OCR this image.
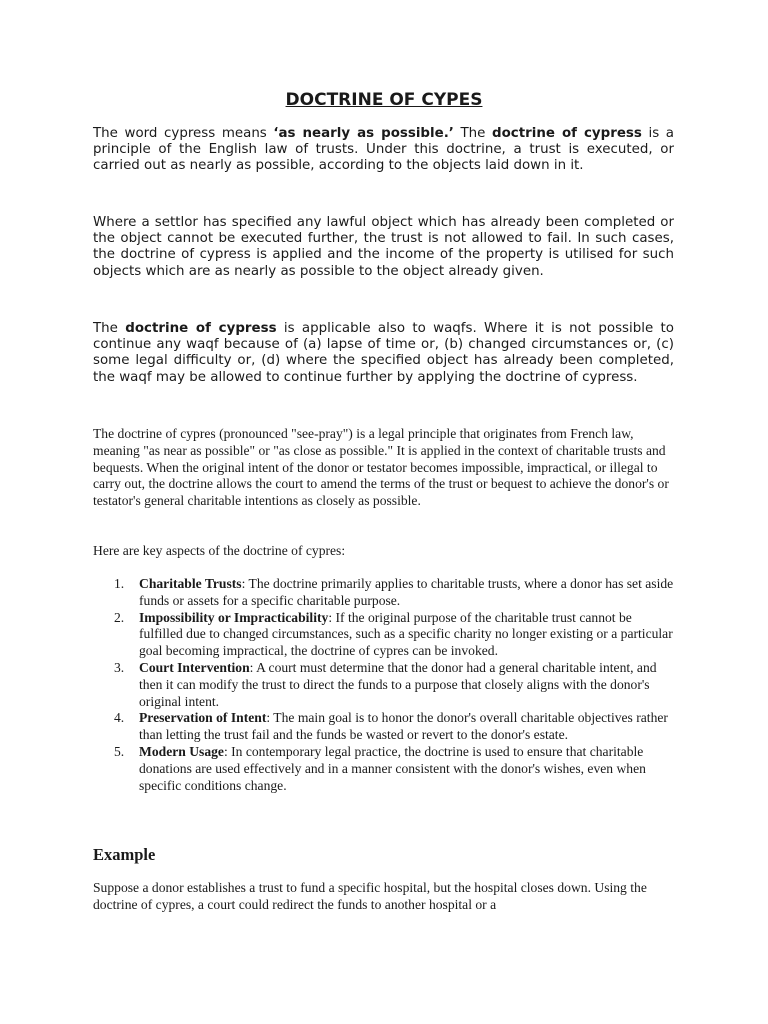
DOCTRINE OF CYPES

The word cypress means ‘as nearly as possible.’ The doctrine of cypress is a principle of the English law of trusts. Under this doctrine, a trust is executed, or carried out as nearly as possible, according to the objects laid down in it.

Where a settlor has specified any lawful object which has already been completed or the object cannot be executed further, the trust is not allowed to fail. In such cases, the doctrine of cypress is applied and the income of the property is utilised for such objects which are as nearly as possible to the object already given.

The doctrine of cypress is applicable also to waqfs. Where it is not possible to continue any waqf because of (a) lapse of time or, (b) changed circumstances or, (c) some legal difficulty or, (d) where the specified object has already been completed, the waqf may be allowed to continue further by applying the doctrine of cypress.

The doctrine of cypres (pronounced "see-pray") is a legal principle that originates from French law, meaning "as near as possible" or "as close as possible." It is applied in the context of charitable trusts and bequests. When the original intent of the donor or testator becomes impossible, impractical, or illegal to carry out, the doctrine allows the court to amend the terms of the trust or bequest to achieve the donor's or testator's general charitable intentions as closely as possible.

Here are key aspects of the doctrine of cypres:

1. Charitable Trusts: The doctrine primarily applies to charitable trusts, where a donor has set aside funds or assets for a specific charitable purpose.
2. Impossibility or Impracticability: If the original purpose of the charitable trust cannot be fulfilled due to changed circumstances, such as a specific charity no longer existing or a particular goal becoming impractical, the doctrine of cypres can be invoked.
3. Court Intervention: A court must determine that the donor had a general charitable intent, and then it can modify the trust to direct the funds to a purpose that closely aligns with the donor's original intent.
4. Preservation of Intent: The main goal is to honor the donor's overall charitable objectives rather than letting the trust fail and the funds be wasted or revert to the donor's estate.
5. Modern Usage: In contemporary legal practice, the doctrine is used to ensure that charitable donations are used effectively and in a manner consistent with the donor's wishes, even when specific conditions change.
Example

Suppose a donor establishes a trust to fund a specific hospital, but the hospital closes down. Using the doctrine of cypres, a court could redirect the funds to another hospital or a
